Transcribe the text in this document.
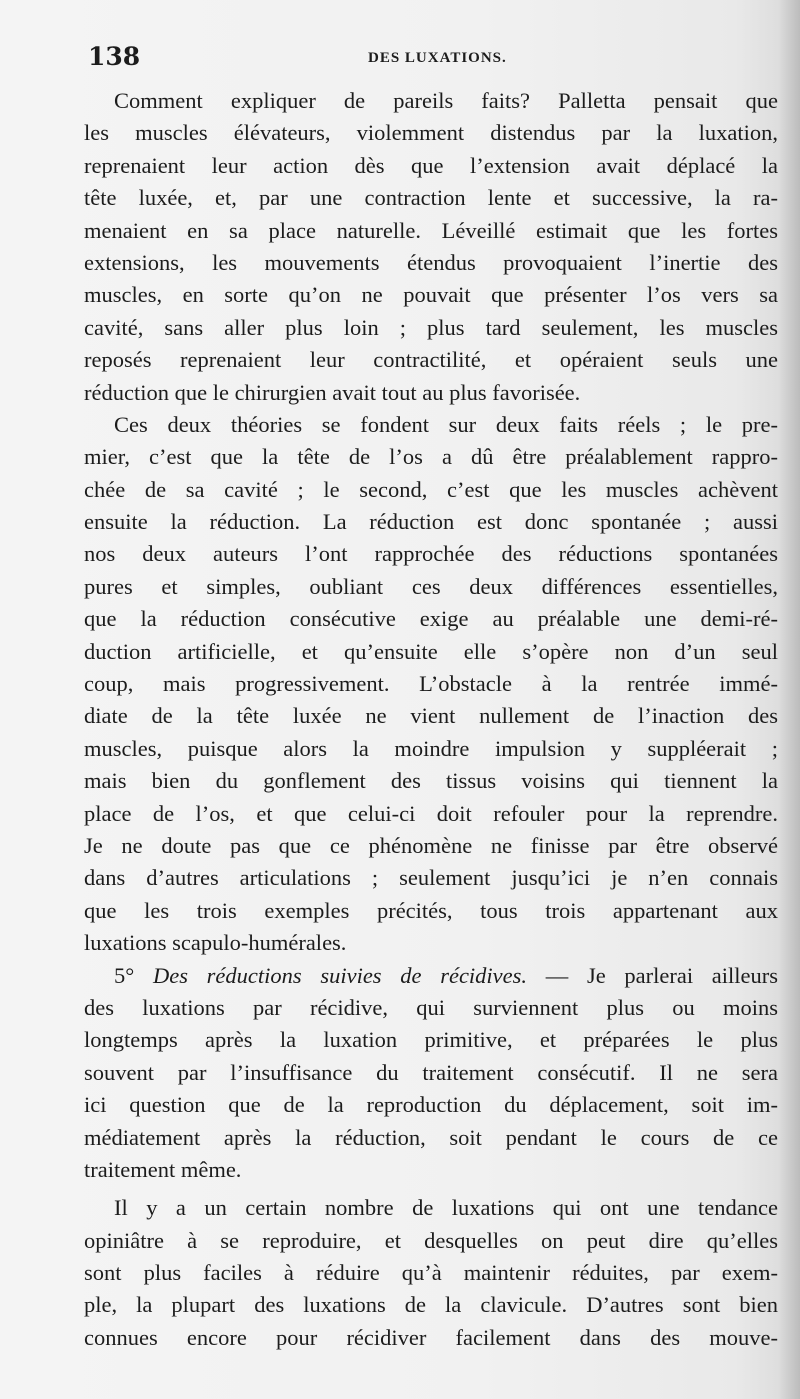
138	DES LUXATIONS.
Comment expliquer de pareils faits? Palletta pensait que
les muscles élévateurs, violemment distendus par la luxation,
reprenaient leur action dès que l’extension avait déplacé la
tête luxée, et, par une contraction lente et successive, la ra-
menaient en sa place naturelle. Léveillé estimait que les fortes
extensions, les mouvements étendus provoquaient l’inertie des
muscles, en sorte qu’on ne pouvait que présenter l’os vers sa
cavité, sans aller plus loin ; plus tard seulement, les muscles
reposés reprenaient leur contractilité, et opéraient seuls une
réduction que le chirurgien avait tout au plus favorisée.
Ces deux théories se fondent sur deux faits réels ; le pre-
mier, c’est que la tête de l’os a dû être préalablement rappro-
chée de sa cavité ; le second, c’est que les muscles achèvent
ensuite la réduction. La réduction est donc spontanée ; aussi
nos deux auteurs l’ont rapprochée des réductions spontanées
pures et simples, oubliant ces deux différences essentielles,
que la réduction consécutive exige au préalable une demi-ré-
duction artificielle, et qu’ensuite elle s’opère non d’un seul
coup, mais progressivement. L’obstacle à la rentrée immé-
diate de la tête luxée ne vient nullement de l’inaction des
muscles, puisque alors la moindre impulsion y suppléerait ;
mais bien du gonflement des tissus voisins qui tiennent la
place de l’os, et que celui-ci doit refouler pour la reprendre.
Je ne doute pas que ce phénomène ne finisse par être observé
dans d’autres articulations ; seulement jusqu’ici je n’en connais
que les trois exemples précités, tous trois appartenant aux
luxations scapulo-humérales.
5° Des réductions suivies de récidives. — Je parlerai ailleurs
des luxations par récidive, qui surviennent plus ou moins
longtemps après la luxation primitive, et préparées le plus
souvent par l’insuffisance du traitement consécutif. Il ne sera
ici question que de la reproduction du déplacement, soit im-
médiatement après la réduction, soit pendant le cours de ce
traitement même.
Il y a un certain nombre de luxations qui ont une tendance
opiniâtre à se reproduire, et desquelles on peut dire qu’elles
sont plus faciles à réduire qu’à maintenir réduites, par exem-
ple, la plupart des luxations de la clavicule. D’autres sont bien
connues encore pour récidiver facilement dans des mouve-
